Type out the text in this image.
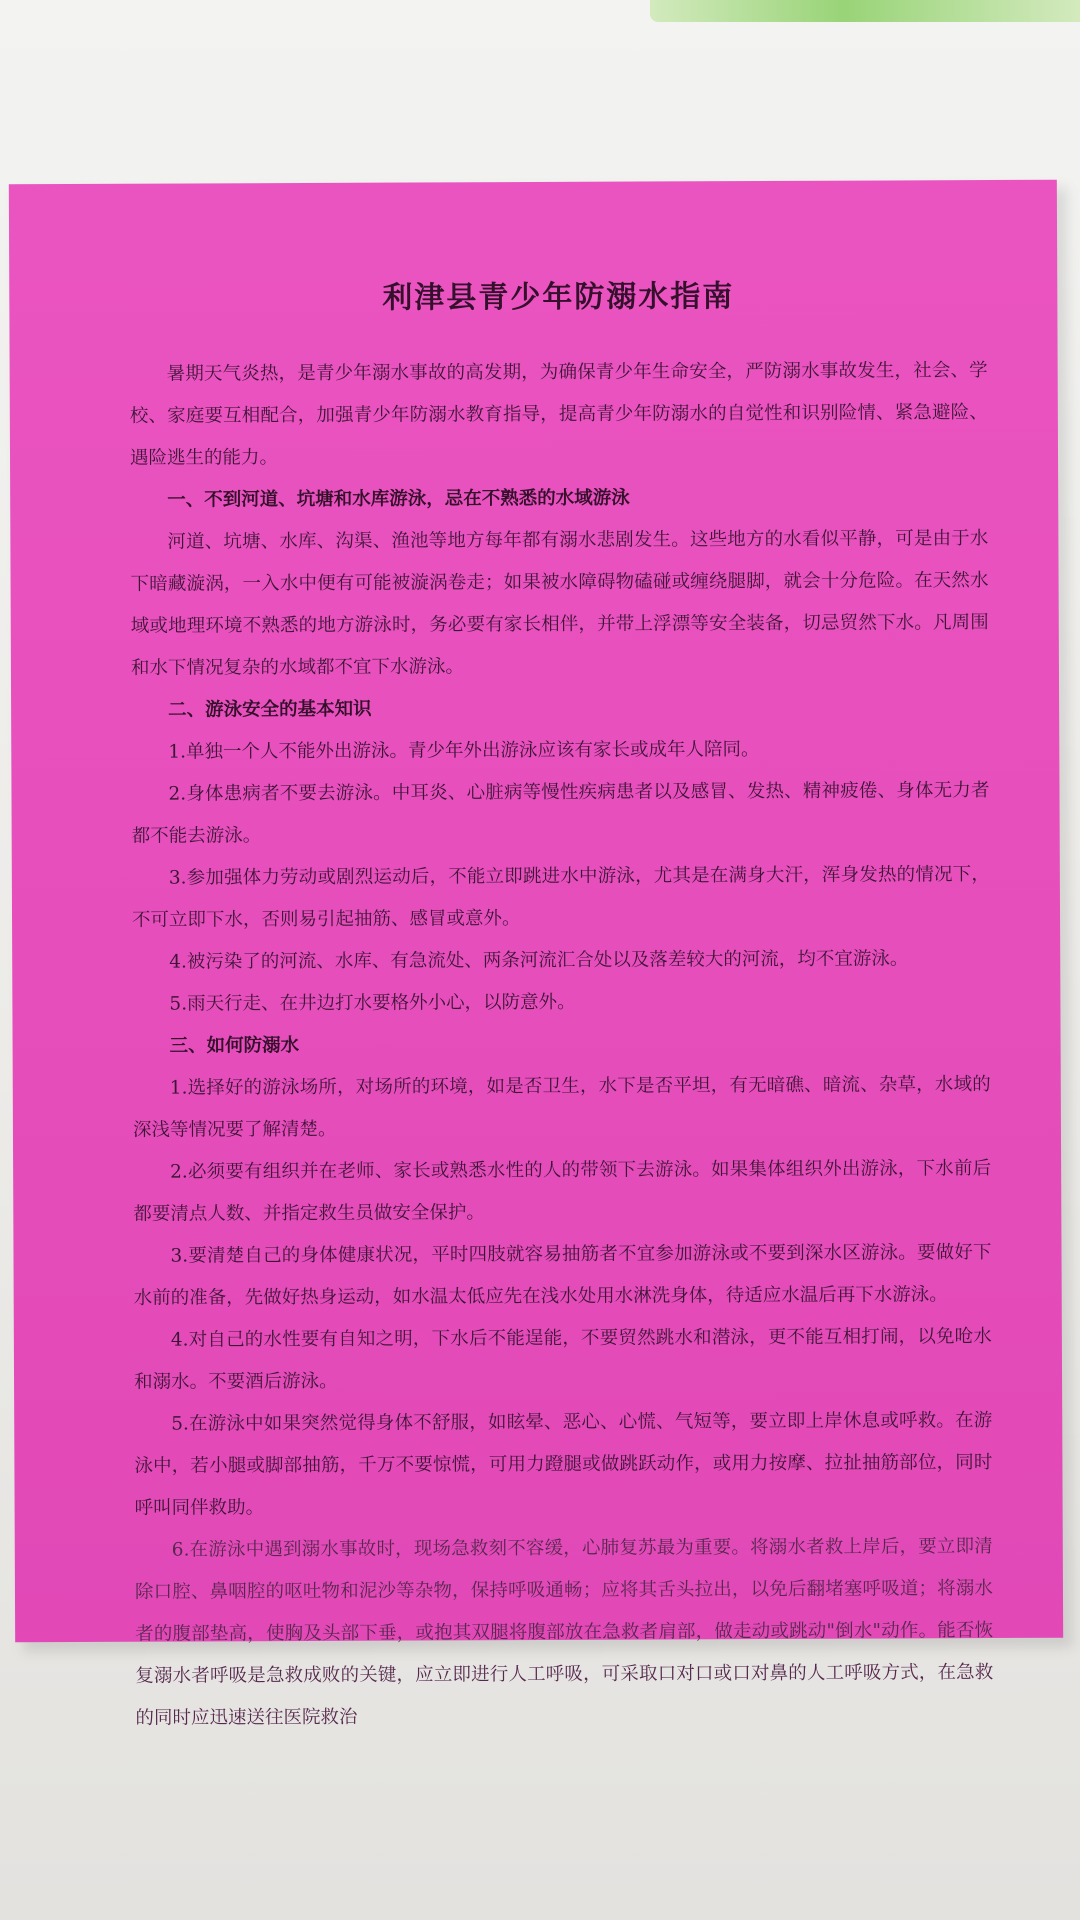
利津县青少年防溺水指南

暑期天气炎热，是青少年溺水事故的高发期，为确保青少年生命安全，严防溺水事故发生，社会、学校、家庭要互相配合，加强青少年防溺水教育指导，提高青少年防溺水的自觉性和识别险情、紧急避险、遇险逃生的能力。

一、不到河道、坑塘和水库游泳，忌在不熟悉的水域游泳

河道、坑塘、水库、沟渠、渔池等地方每年都有溺水悲剧发生。这些地方的水看似平静，可是由于水下暗藏漩涡，一入水中便有可能被漩涡卷走；如果被水障碍物磕碰或缠绕腿脚，就会十分危险。在天然水域或地理环境不熟悉的地方游泳时，务必要有家长相伴，并带上浮漂等安全装备，切忌贸然下水。凡周围和水下情况复杂的水域都不宜下水游泳。

二、游泳安全的基本知识

1.单独一个人不能外出游泳。青少年外出游泳应该有家长或成年人陪同。

2.身体患病者不要去游泳。中耳炎、心脏病等慢性疾病患者以及感冒、发热、精神疲倦、身体无力者都不能去游泳。

3.参加强体力劳动或剧烈运动后，不能立即跳进水中游泳，尤其是在满身大汗，浑身发热的情况下，不可立即下水，否则易引起抽筋、感冒或意外。

4.被污染了的河流、水库、有急流处、两条河流汇合处以及落差较大的河流，均不宜游泳。

5.雨天行走、在井边打水要格外小心，以防意外。

三、如何防溺水

1.选择好的游泳场所，对场所的环境，如是否卫生，水下是否平坦，有无暗礁、暗流、杂草，水域的深浅等情况要了解清楚。

2.必须要有组织并在老师、家长或熟悉水性的人的带领下去游泳。如果集体组织外出游泳，下水前后都要清点人数、并指定救生员做安全保护。

3.要清楚自己的身体健康状况，平时四肢就容易抽筋者不宜参加游泳或不要到深水区游泳。要做好下水前的准备，先做好热身运动，如水温太低应先在浅水处用水淋洗身体，待适应水温后再下水游泳。

4.对自己的水性要有自知之明，下水后不能逞能，不要贸然跳水和潜泳，更不能互相打闹，以免呛水和溺水。不要酒后游泳。

5.在游泳中如果突然觉得身体不舒服，如眩晕、恶心、心慌、气短等，要立即上岸休息或呼救。在游泳中，若小腿或脚部抽筋，千万不要惊慌，可用力蹬腿或做跳跃动作，或用力按摩、拉扯抽筋部位，同时呼叫同伴救助。

6.在游泳中遇到溺水事故时，现场急救刻不容缓，心肺复苏最为重要。将溺水者救上岸后，要立即清除口腔、鼻咽腔的呕吐物和泥沙等杂物，保持呼吸通畅；应将其舌头拉出，以免后翻堵塞呼吸道；将溺水者的腹部垫高，使胸及头部下垂，或抱其双腿将腹部放在急救者肩部，做走动或跳动"倒水"动作。能否恢复溺水者呼吸是急救成败的关键，应立即进行人工呼吸，可采取口对口或口对鼻的人工呼吸方式，在急救的同时应迅速送往医院救治
